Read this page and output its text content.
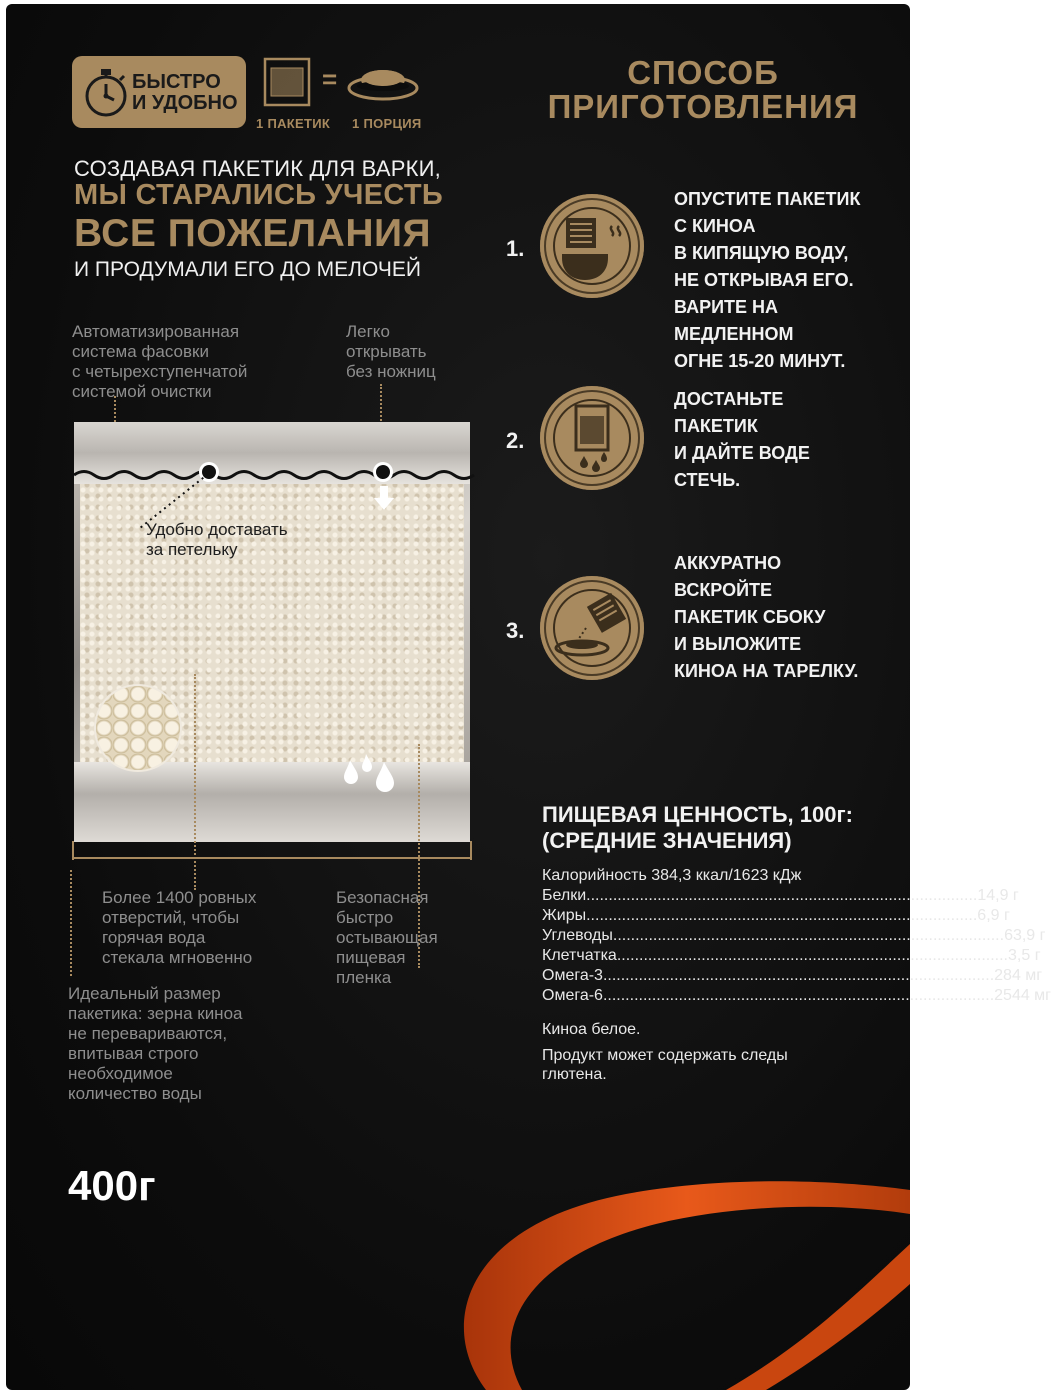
БЫСТРО
И УДОБНО
=
1 ПАКЕТИК 1 ПОРЦИЯ
СПОСОБ
ПРИГОТОВЛЕНИЯ
СОЗДАВАЯ ПАКЕТИК ДЛЯ ВАРКИ,
МЫ СТАРАЛИСЬ УЧЕСТЬ
ВСЕ ПОЖЕЛАНИЯ
И ПРОДУМАЛИ ЕГО ДО МЕЛОЧЕЙ
Автоматизированная
система фасовки
с четырехступенчатой
системой очистки
Легко
открывать
без ножниц
Удобно доставать
за петельку
Более 1400 ровных
отверстий, чтобы
горячая вода
стекала мгновенно
Безопасная
быстро
остывающая
пищевая
пленка
Идеальный размер
пакетика: зерна киноа
не перевариваются,
впитывая строго
необходимое
количество воды
400г
1.
ОПУСТИТЕ ПАКЕТИК
С КИНОА
В КИПЯЩУЮ ВОДУ,
НЕ ОТКРЫВАЯ ЕГО.
ВАРИТЕ НА
МЕДЛЕННОМ
ОГНЕ 15-20 МИНУТ.
2.
ДОСТАНЬТЕ
ПАКЕТИК
И ДАЙТЕ ВОДЕ
СТЕЧЬ.
3.
АККУРАТНО
ВСКРОЙТЕ
ПАКЕТИК СБОКУ
И ВЫЛОЖИТЕ
КИНОА НА ТАРЕЛКУ.
ПИЩЕВАЯ ЦЕННОСТЬ, 100г:
(СРЕДНИЕ ЗНАЧЕНИЯ)
Калорийность 384,3 ккал/1623 кДж
Белки ........................................................................................ 14,9 г
Жиры ........................................................................................ 6,9 г
Углеводы ........................................................................................ 63,9 г
Клетчатка ........................................................................................ 3,5 г
Омега-3 ........................................................................................ 284 мг
Омега-6 ........................................................................................ 2544 мг
Киноа белое.
Продукт может содержать следы
глютена.
